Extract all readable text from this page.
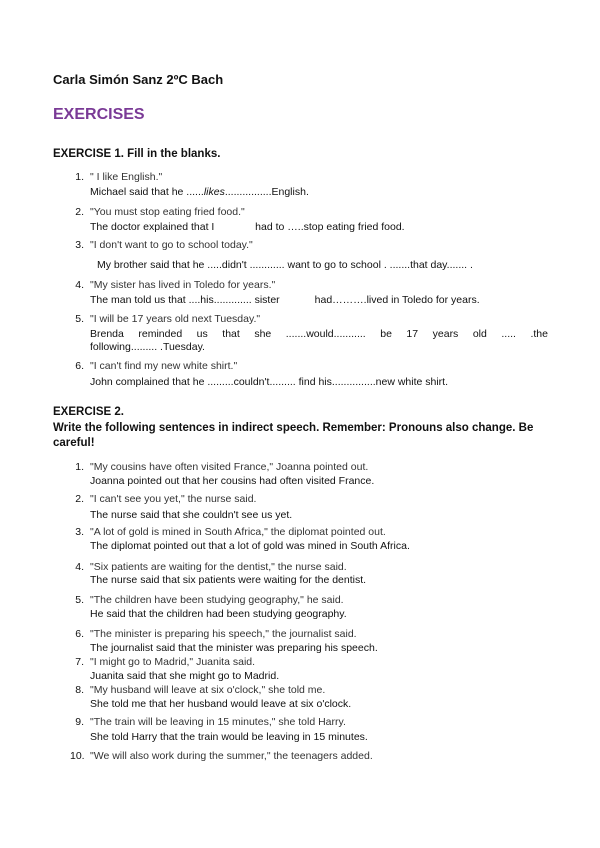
Carla Simón Sanz 2ºC Bach
EXERCISES
EXERCISE 1. Fill in the blanks.
1. " I like English."
Michael said that he ......likes................English.
2. "You must stop eating fried food."
The doctor explained that I              had to …..stop eating fried food.
3. "I don't want to go to school today."
My brother said that he .....didn't ............ want to go to school . .......that day....... .
4. "My sister has lived in Toledo for years."
The man told us that ....his............. sister            had……….lived in Toledo for years.
5. "I will be 17 years old next Tuesday."
Brenda reminded us that she .......would........... be 17 years old ..... .the
following......... .Tuesday.
6. "I can't find my new white shirt."
John complained that he .........couldn't......... find his...............new white shirt.
EXERCISE 2.
Write the following sentences in indirect speech. Remember: Pronouns also change. Be careful!
1. "My cousins have often visited France," Joanna pointed out.
Joanna pointed out that her cousins had often visited France.
2. "I can't see you yet," the nurse said.
The nurse said that she couldn't see us yet.
3. "A lot of gold is mined in South Africa," the diplomat pointed out.
The diplomat pointed out that a lot of gold was mined in South Africa.
4. "Six patients are waiting for the dentist," the nurse said.
The nurse said that six patients were waiting for the dentist.
5. "The children have been studying geography," he said.
He said that the children had been studying geography.
6. "The minister is preparing his speech," the journalist said.
The journalist said that the minister was preparing his speech.
7. "I might go to Madrid," Juanita said.
Juanita said that she might go to Madrid.
8. "My husband will leave at six o'clock," she told me.
She told me that her husband would leave at six o'clock.
9. "The train will be leaving in 15 minutes," she told Harry.
She told Harry that the train would be leaving in 15 minutes.
10. "We will also work during the summer," the teenagers added.
